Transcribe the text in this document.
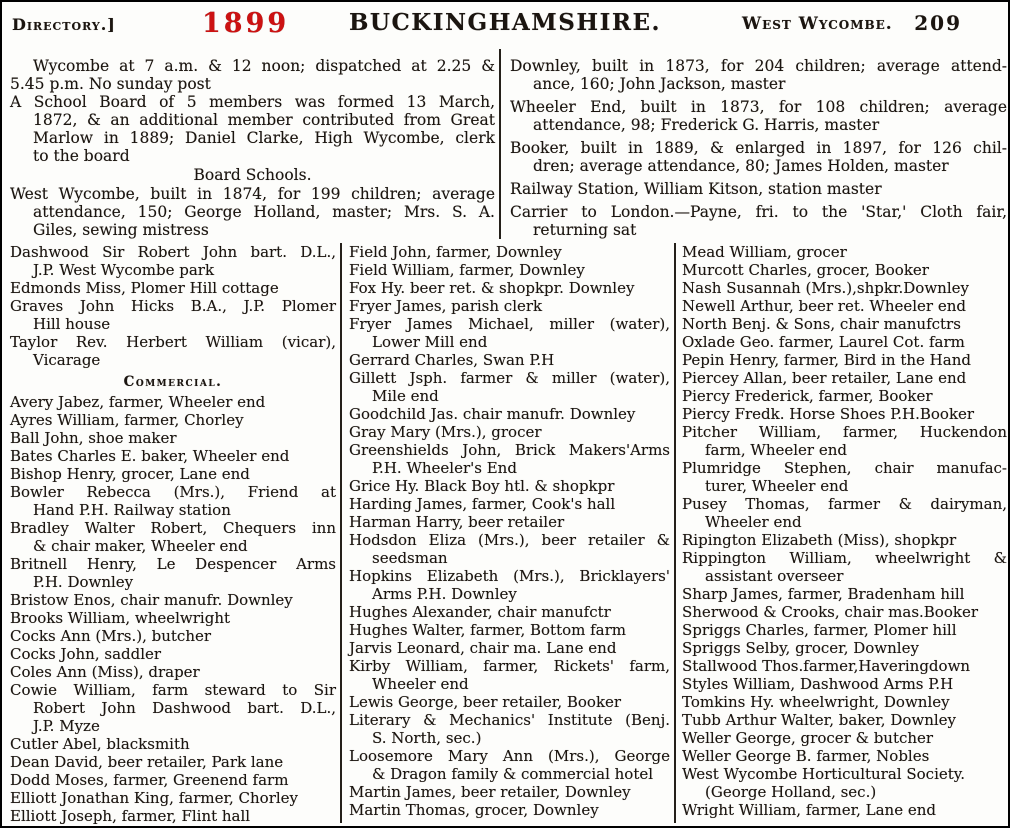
Directory.]	1899	BUCKINGHAMSHIRE.	West Wycombe. 209
Wycombe at 7 a.m. & 12 noon; dispatched at 2.25 &
5.45 p.m. No sunday post
A School Board of 5 members was formed 13 March,
1872, & an additional member contributed from Great
Marlow in 1889; Daniel Clarke, High Wycombe, clerk
to the board
Board Schools.
West Wycombe, built in 1874, for 199 children; average
attendance, 150; George Holland, master; Mrs. S. A.
Giles, sewing mistress
Downley, built in 1873, for 204 children; average attend-
ance, 160; John Jackson, master
Wheeler End, built in 1873, for 108 children; average
attendance, 98; Frederick G. Harris, master
Booker, built in 1889, & enlarged in 1897, for 126 chil-
dren; average attendance, 80; James Holden, master
Railway Station, William Kitson, station master
Carrier to London.—Payne, fri. to the 'Star,' Cloth fair,
returning sat
Dashwood Sir Robert John bart. D.L.,
J.P. West Wycombe park
Edmonds Miss, Plomer Hill cottage
Graves John Hicks B.A., J.P. Plomer
Hill house
Taylor Rev. Herbert William (vicar),
Vicarage
Commercial.
Avery Jabez, farmer, Wheeler end
Ayres William, farmer, Chorley
Ball John, shoe maker
Bates Charles E. baker, Wheeler end
Bishop Henry, grocer, Lane end
Bowler Rebecca (Mrs.), Friend at
Hand P.H. Railway station
Bradley Walter Robert, Chequers inn
& chair maker, Wheeler end
Britnell Henry, Le Despencer Arms
P.H. Downley
Bristow Enos, chair manufr. Downley
Brooks William, wheelwright
Cocks Ann (Mrs.), butcher
Cocks John, saddler
Coles Ann (Miss), draper
Cowie William, farm steward to Sir
Robert John Dashwood bart. D.L.,
J.P. Myze
Cutler Abel, blacksmith
Dean David, beer retailer, Park lane
Dodd Moses, farmer, Greenend farm
Elliott Jonathan King, farmer, Chorley
Elliott Joseph, farmer, Flint hall
Field John, farmer, Downley
Field William, farmer, Downley
Fox Hy. beer ret. & shopkpr. Downley
Fryer James, parish clerk
Fryer James Michael, miller (water),
Lower Mill end
Gerrard Charles, Swan P.H
Gillett Jsph. farmer & miller (water),
Mile end
Goodchild Jas. chair manufr. Downley
Gray Mary (Mrs.), grocer
Greenshields John, Brick Makers'Arms
P.H. Wheeler's End
Grice Hy. Black Boy htl. & shopkpr
Harding James, farmer, Cook's hall
Harman Harry, beer retailer
Hodsdon Eliza (Mrs.), beer retailer &
seedsman
Hopkins Elizabeth (Mrs.), Bricklayers'
Arms P.H. Downley
Hughes Alexander, chair manufctr
Hughes Walter, farmer, Bottom farm
Jarvis Leonard, chair ma. Lane end
Kirby William, farmer, Rickets' farm,
Wheeler end
Lewis George, beer retailer, Booker
Literary & Mechanics' Institute (Benj.
S. North, sec.)
Loosemore Mary Ann (Mrs.), George
& Dragon family & commercial hotel
Martin James, beer retailer, Downley
Martin Thomas, grocer, Downley
Mead William, grocer
Murcott Charles, grocer, Booker
Nash Susannah (Mrs.),shpkr.Downley
Newell Arthur, beer ret. Wheeler end
North Benj. & Sons, chair manufctrs
Oxlade Geo. farmer, Laurel Cot. farm
Pepin Henry, farmer, Bird in the Hand
Piercey Allan, beer retailer, Lane end
Piercy Frederick, farmer, Booker
Piercy Fredk. Horse Shoes P.H.Booker
Pitcher William, farmer, Huckendon
farm, Wheeler end
Plumridge Stephen, chair manufac-
turer, Wheeler end
Pusey Thomas, farmer & dairyman,
Wheeler end
Ripington Elizabeth (Miss), shopkpr
Rippington William, wheelwright &
assistant overseer
Sharp James, farmer, Bradenham hill
Sherwood & Crooks, chair mas.Booker
Spriggs Charles, farmer, Plomer hill
Spriggs Selby, grocer, Downley
Stallwood Thos.farmer,Haveringdown
Styles William, Dashwood Arms P.H
Tomkins Hy. wheelwright, Downley
Tubb Arthur Walter, baker, Downley
Weller George, grocer & butcher
Weller George B. farmer, Nobles
West Wycombe Horticultural Society.
(George Holland, sec.)
Wright William, farmer, Lane end
